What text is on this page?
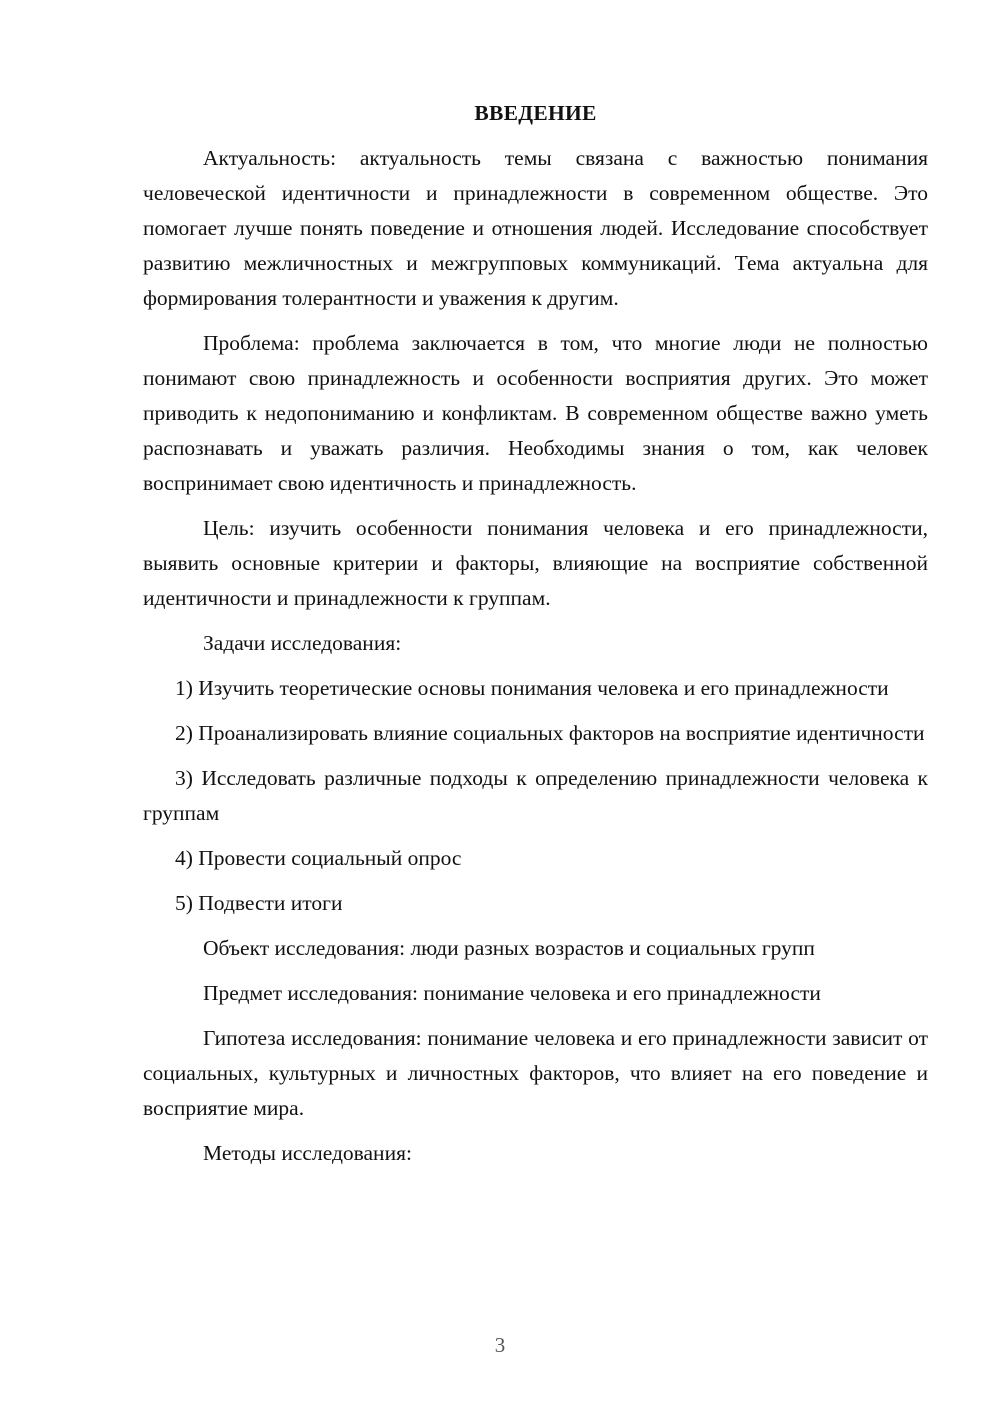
ВВЕДЕНИЕ

Актуальность: актуальность темы связана с важностью понимания человеческой идентичности и принадлежности в современном обществе. Это помогает лучше понять поведение и отношения людей. Исследование способствует развитию межличностных и межгрупповых коммуникаций. Тема актуальна для формирования толерантности и уважения к другим.

Проблема: проблема заключается в том, что многие люди не полностью понимают свою принадлежность и особенности восприятия других. Это может приводить к недопониманию и конфликтам. В современном обществе важно уметь распознавать и уважать различия. Необходимы знания о том, как человек воспринимает свою идентичность и принадлежность.

Цель: изучить особенности понимания человека и его принадлежности, выявить основные критерии и факторы, влияющие на восприятие собственной идентичности и принадлежности к группам.

Задачи исследования:

1) Изучить теоретические основы понимания человека и его принадлежности

2) Проанализировать влияние социальных факторов на восприятие идентичности

3) Исследовать различные подходы к определению принадлежности человека к группам

4) Провести социальный опрос

5) Подвести итоги

Объект исследования: люди разных возрастов и социальных групп

Предмет исследования: понимание человека и его принадлежности

Гипотеза исследования: понимание человека и его принадлежности зависит от социальных, культурных и личностных факторов, что влияет на его поведение и восприятие мира.

Методы исследования:

3
